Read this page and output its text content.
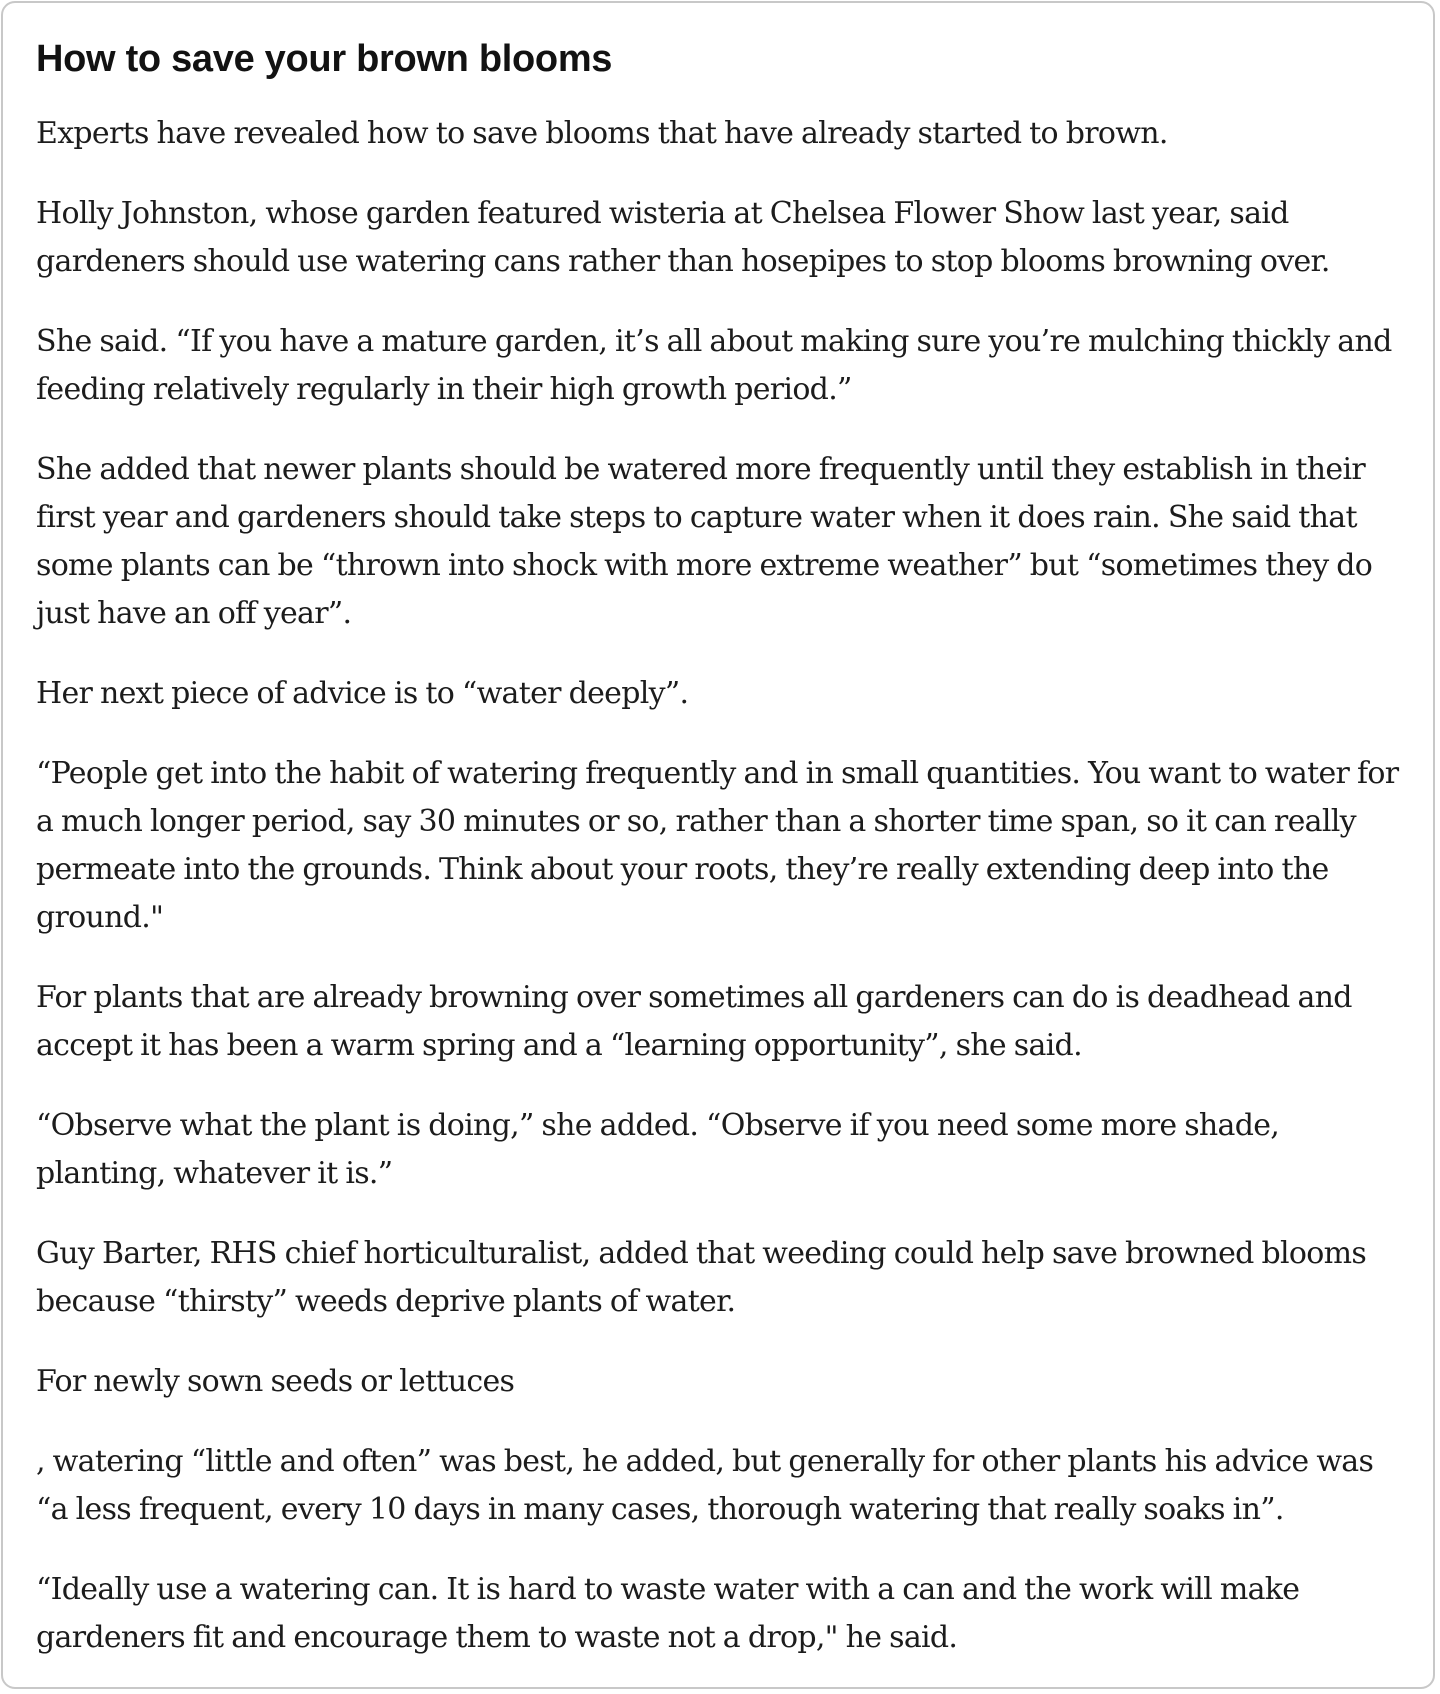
How to save your brown blooms

Experts have revealed how to save blooms that have already started to brown.

Holly Johnston, whose garden featured wisteria at Chelsea Flower Show last year, said gardeners should use watering cans rather than hosepipes to stop blooms browning over.

She said. “If you have a mature garden, it’s all about making sure you’re mulching thickly and feeding relatively regularly in their high growth period.”

She added that newer plants should be watered more frequently until they establish in their first year and gardeners should take steps to capture water when it does rain. She said that some plants can be “thrown into shock with more extreme weather” but “sometimes they do just have an off year”.

Her next piece of advice is to “water deeply”.

“People get into the habit of watering frequently and in small quantities. You want to water for a much longer period, say 30 minutes or so, rather than a shorter time span, so it can really permeate into the grounds. Think about your roots, they’re really extending deep into the ground."

For plants that are already browning over sometimes all gardeners can do is deadhead and accept it has been a warm spring and a “learning opportunity”, she said.

“Observe what the plant is doing,” she added. “Observe if you need some more shade, planting, whatever it is.”

Guy Barter, RHS chief horticulturalist, added that weeding could help save browned blooms because “thirsty” weeds deprive plants of water.

For newly sown seeds or lettuces

, watering “little and often” was best, he added, but generally for other plants his advice was “a less frequent, every 10 days in many cases, thorough watering that really soaks in”.

“Ideally use a watering can. It is hard to waste water with a can and the work will make gardeners fit and encourage them to waste not a drop," he said.
